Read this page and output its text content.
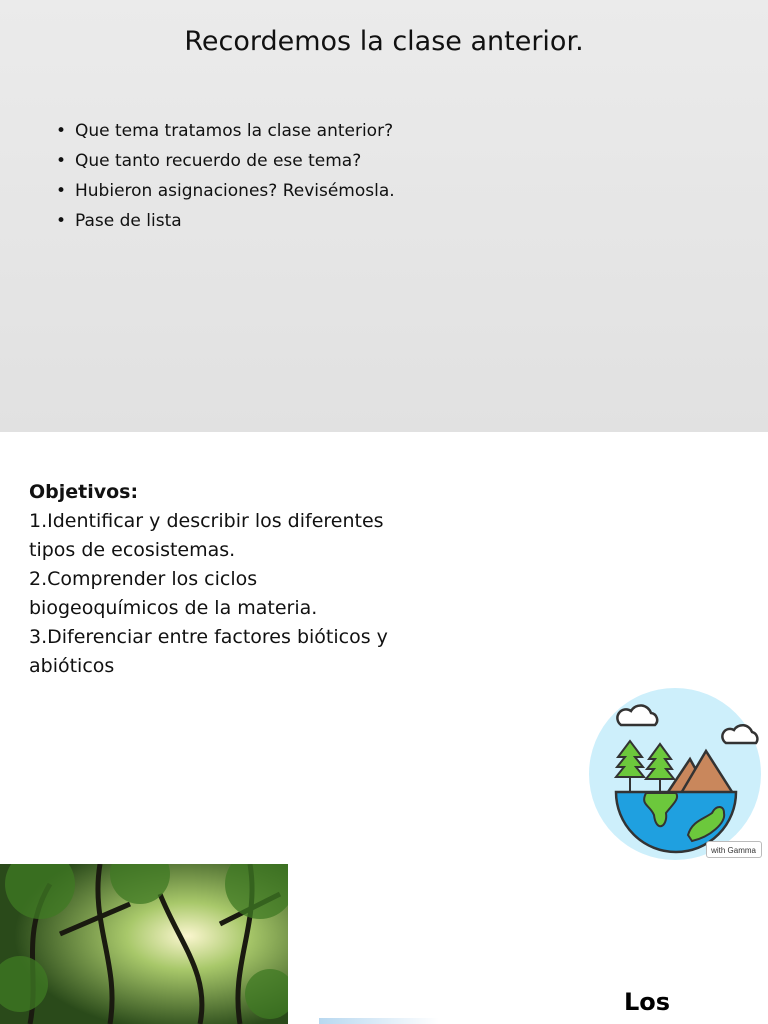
Recordemos la clase anterior.
• Que tema tratamos la clase anterior?
• Que tanto recuerdo de ese tema?
• Hubieron asignaciones? Revisémosla.
• Pase de lista
Objetivos:
1.Identificar y describir los diferentes tipos de ecosistemas.
2.Comprender los ciclos biogeoquímicos de la materia.
3.Diferenciar entre factores bióticos y abióticos
with Gamma
Los
